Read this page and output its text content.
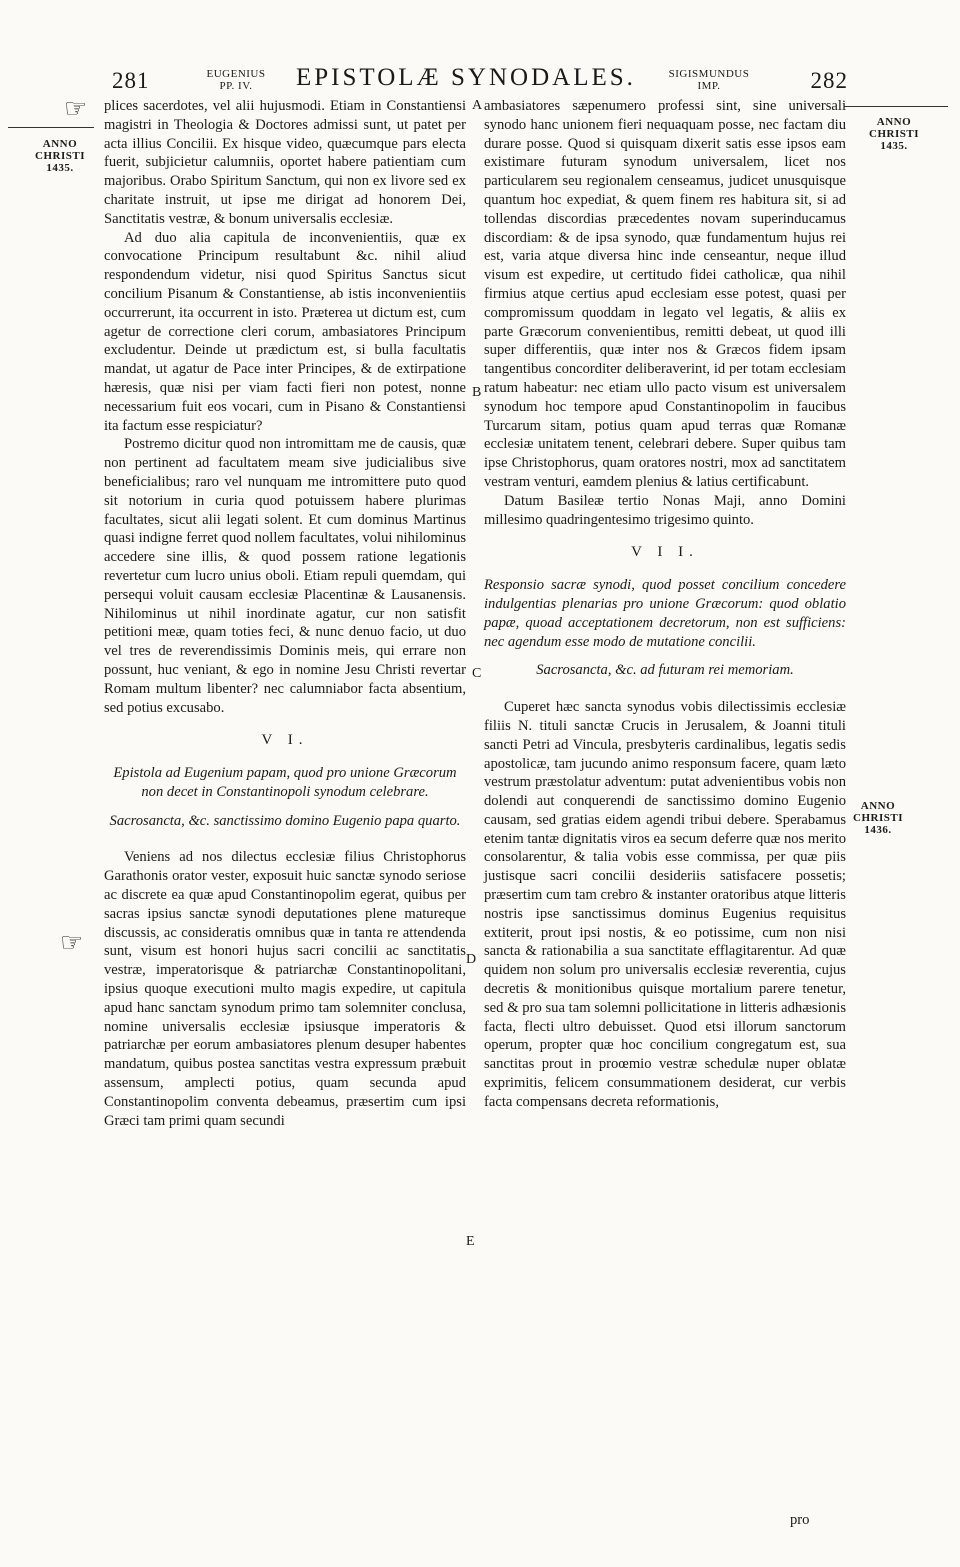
281	EUGENIUS
PP. IV.	EPISTOLÆ SYNODALES.	SIGISMUNDUS
IMP.	282
☞
☞
ANNO
CHRISTI
1435.
ANNO
CHRISTI
1435.
ANNO
CHRISTI
1436.
A
B
C
D
E

plices sacerdotes, vel alii hujusmodi. Etiam in Constantiensi magistri in Theologia & Doctores admissi sunt, ut patet per acta illius Concilii. Ex hisque video, quæcumque pars electa fuerit, subjicietur calumniis, oportet habere patientiam cum majoribus. Orabo Spiritum Sanctum, qui non ex livore sed ex charitate instruit, ut ipse me dirigat ad honorem Dei, Sanctitatis vestræ, & bonum universalis ecclesiæ.

Ad duo alia capitula de inconvenientiis, quæ ex convocatione Principum resultabunt &c. nihil aliud respondendum videtur, nisi quod Spiritus Sanctus sicut concilium Pisanum & Constantiense, ab istis inconvenientiis occurrerunt, ita occurrent in isto. Præterea ut dictum est, cum agetur de correctione cleri corum, ambasiatores Principum excludentur. Deinde ut prædictum est, si bulla facultatis mandat, ut agatur de Pace inter Principes, & de extirpatione hæresis, quæ nisi per viam facti fieri non potest, nonne necessarium fuit eos vocari, cum in Pisano & Constantiensi ita factum esse respiciatur?

Postremo dicitur quod non intromittam me de causis, quæ non pertinent ad facultatem meam sive judicialibus sive beneficialibus; raro vel nunquam me intromittere puto quod sit notorium in curia quod potuissem habere plurimas facultates, sicut alii legati solent. Et cum dominus Martinus quasi indigne ferret quod nollem facultates, volui nihilominus accedere sine illis, & quod possem ratione legationis revertetur cum lucro unius oboli. Etiam repuli quemdam, qui persequi voluit causam ecclesiæ Placentinæ & Lausanensis. Nihilominus ut nihil inordinate agatur, cur non satisfit petitioni meæ, quam toties feci, & nunc denuo facio, ut duo vel tres de reverendissimis Dominis meis, qui errare non possunt, huc veniant, & ego in nomine Jesu Christi revertar Romam multum libenter? nec calumniabor facta absentium, sed potius excusabo.

V I.

Epistola ad Eugenium papam, quod pro unione Græcorum non decet in Constantinopoli synodum celebrare.

Sacrosancta, &c. sanctissimo domino Eugenio papa quarto.

Veniens ad nos dilectus ecclesiæ filius Christophorus Garathonis orator vester, exposuit huic sanctæ synodo seriose ac discrete ea quæ apud Constantinopolim egerat, quibus per sacras ipsius sanctæ synodi deputationes plene matureque discussis, ac consideratis omnibus quæ in tanta re attendenda sunt, visum est honori hujus sacri concilii ac sanctitatis vestræ, imperatorisque & patriarchæ Constantinopolitani, ipsius quoque executioni multo magis expedire, ut capitula apud hanc sanctam synodum primo tam solemniter conclusa, nomine universalis ecclesiæ ipsiusque imperatoris & patriarchæ per eorum ambasiatores plenum desuper habentes mandatum, quibus postea sanctitas vestra expressum præbuit assensum, amplecti potius, quam secunda apud Constantinopolim conventa debeamus, præsertim cum ipsi Græci tam primi quam secundi

ambasiatores sæpenumero professi sint, sine universali synodo hanc unionem fieri nequaquam posse, nec factam diu durare posse. Quod si quisquam dixerit satis esse ipsos eam existimare futuram synodum universalem, licet nos particularem seu regionalem censeamus, judicet unusquisque quantum hoc expediat, & quem finem res habitura sit, si ad tollendas discordias præcedentes novam superinducamus discordiam: & de ipsa synodo, quæ fundamentum hujus rei est, varia atque diversa hinc inde censeantur, neque illud visum est expedire, ut certitudo fidei catholicæ, qua nihil firmius atque certius apud ecclesiam esse potest, quasi per compromissum quoddam in legato vel legatis, & aliis ex parte Græcorum convenientibus, remitti debeat, ut quod illi super differentiis, quæ inter nos & Græcos fidem ipsam tangentibus concorditer deliberaverint, id per totam ecclesiam ratum habeatur: nec etiam ullo pacto visum est universalem synodum hoc tempore apud Constantinopolim in faucibus Turcarum sitam, potius quam apud terras quæ Romanæ ecclesiæ unitatem tenent, celebrari debere. Super quibus tam ipse Christophorus, quam oratores nostri, mox ad sanctitatem vestram venturi, eamdem plenius & latius certificabunt.

Datum Basileæ tertio Nonas Maji, anno Domini millesimo quadringentesimo trigesimo quinto.

V I I.

Responsio sacræ synodi, quod posset concilium concedere indulgentias plenarias pro unione Græcorum: quod oblatio papæ, quoad acceptationem decretorum, non est sufficiens: nec agendum esse modo de mutatione concilii.

Sacrosancta, &c. ad futuram rei memoriam.

Cuperet hæc sancta synodus vobis dilectissimis ecclesiæ filiis N. tituli sanctæ Crucis in Jerusalem, & Joanni tituli sancti Petri ad Vincula, presbyteris cardinalibus, legatis sedis apostolicæ, tam jucundo animo responsum facere, quam læto vestrum præstolatur adventum: putat advenientibus vobis non dolendi aut conquerendi de sanctissimo domino Eugenio causam, sed gratias eidem agendi tribui debere. Sperabamus etenim tantæ dignitatis viros ea secum deferre quæ nos merito consolarentur, & talia vobis esse commissa, per quæ piis justisque sacri concilii desideriis satisfacere possetis; præsertim cum tam crebro & instanter oratoribus atque litteris nostris ipse sanctissimus dominus Eugenius requisitus extiterit, prout ipsi nostis, & eo potissime, cum non nisi sancta & rationabilia a sua sanctitate efflagitarentur. Ad quæ quidem non solum pro universalis ecclesiæ reverentia, cujus decretis & monitionibus quisque mortalium parere tenetur, sed & pro sua tam solemni pollicitatione in litteris adhæsionis facta, flecti ultro debuisset. Quod etsi illorum sanctorum operum, propter quæ hoc concilium congregatum est, sua sanctitas prout in proœmio vestræ schedulæ nuper oblatæ exprimitis, felicem consummationem desiderat, cur verbis facta compensans decreta reformationis,

pro
